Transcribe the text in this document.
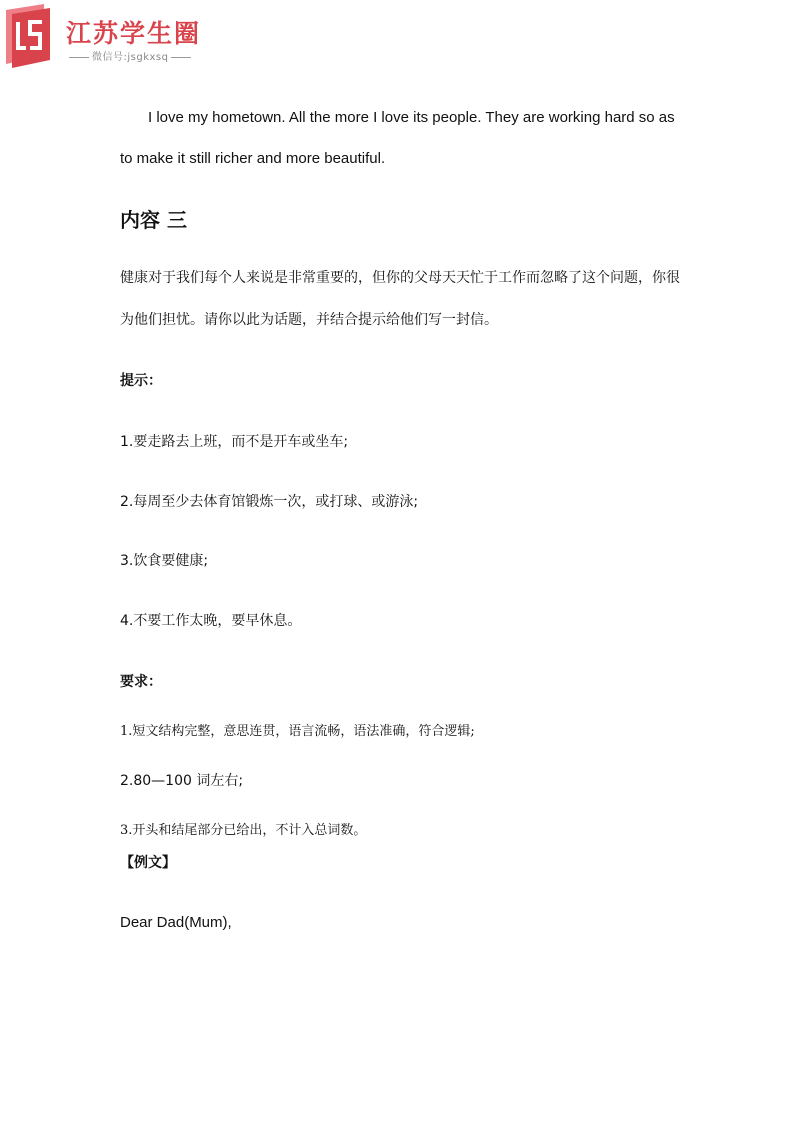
江苏学生圈
微信号:jsgkxsq
I love my hometown. All the more I love its people. They are working hard so as
to make it still richer and more beautiful.
内容 三
健康对于我们每个人来说是非常重要的，但你的父母天天忙于工作而忽略了这个问题，你很
为他们担忧。请你以此为话题，并结合提示给他们写一封信。
提示：
1.要走路去上班，而不是开车或坐车;
2.每周至少去体育馆锻炼一次，或打球、或游泳;
3.饮食要健康;
4.不要工作太晚，要早休息。
要求：
1.短文结构完整，意思连贯，语言流畅，语法准确，符合逻辑;
2.80—100 词左右;
3.开头和结尾部分已给出，不计入总词数。
【例文】
Dear Dad(Mum),
